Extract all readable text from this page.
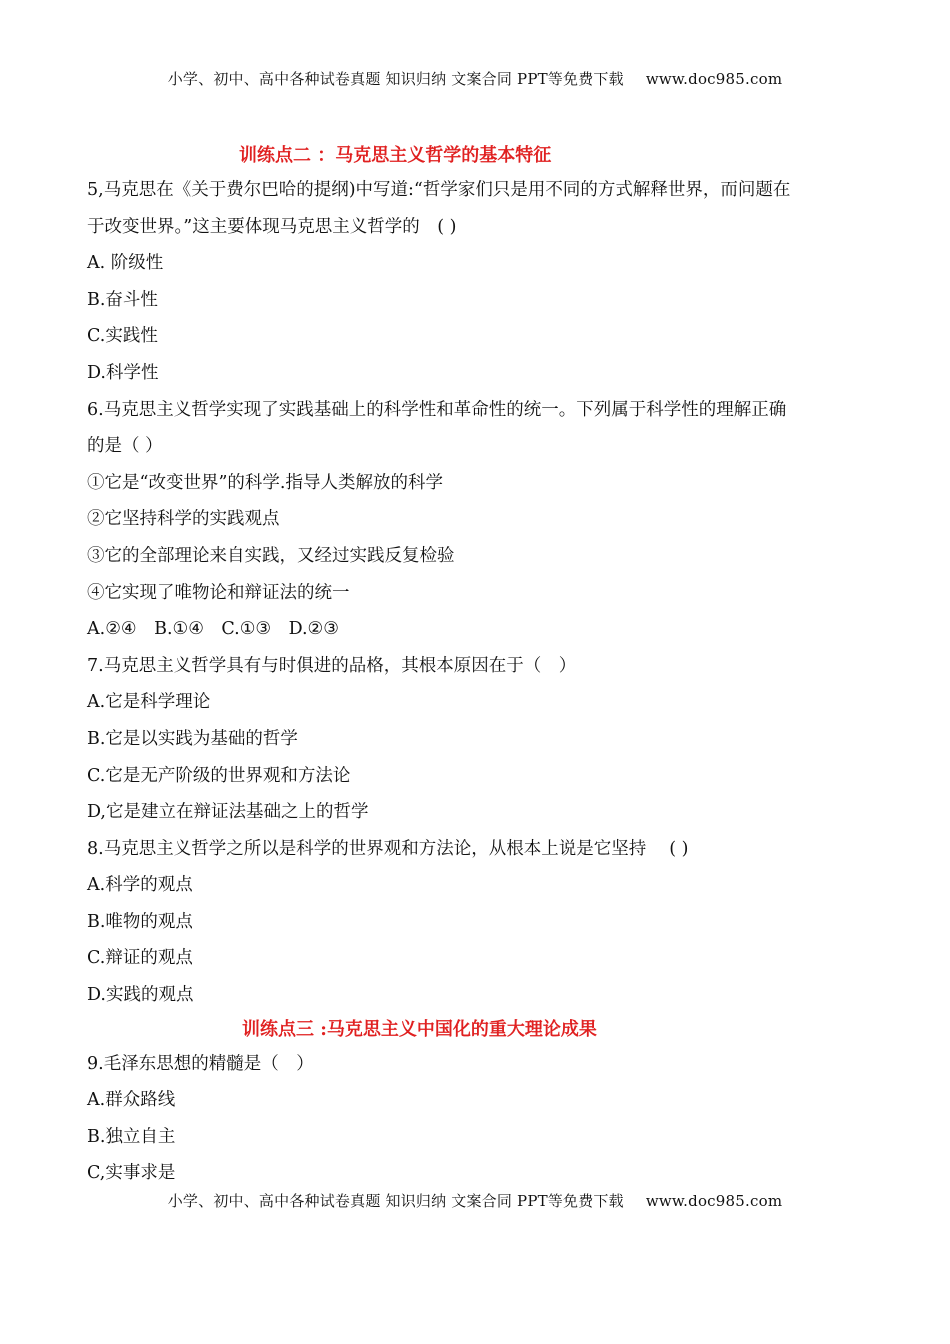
小学、初中、高中各种试卷真题 知识归纳 文案合同 PPT等免费下载 www.doc985.com
训练点二 ：马克思主义哲学的基本特征
5,马克思在《关于费尔巴哈的提纲)中写道:“哲学家们只是用不同的方式解释世界，而问题在
于改变世界。”这主要体现马克思主义哲学的　( )
A. 阶级性
B.奋斗性
C.实践性
D.科学性
6.马克思主义哲学实现了实践基础上的科学性和革命性的统一。下列属于科学性的理解正确
的是（ ）
①它是“改变世界”的科学.指导人类解放的科学
②它坚持科学的实践观点
③它的全部理论来自实践，又经过实践反复检验
④它实现了唯物论和辩证法的统一
A.②④　B.①④　C.①③　D.②③
7.马克思主义哲学具有与时俱进的品格，其根本原因在于（　）
A.它是科学理论
B.它是以实践为基础的哲学
C.它是无产阶级的世界观和方法论
D,它是建立在辩证法基础之上的哲学
8.马克思主义哲学之所以是科学的世界观和方法论，从根本上说是它坚持　 ( )
A.科学的观点
B.唯物的观点
C.辩证的观点
D.实践的观点
训练点三 :马克思主义中国化的重大理论成果
9.毛泽东思想的精髓是（　）
A.群众路线
B.独立自主
C,实事求是
小学、初中、高中各种试卷真题 知识归纳 文案合同 PPT等免费下载 www.doc985.com
